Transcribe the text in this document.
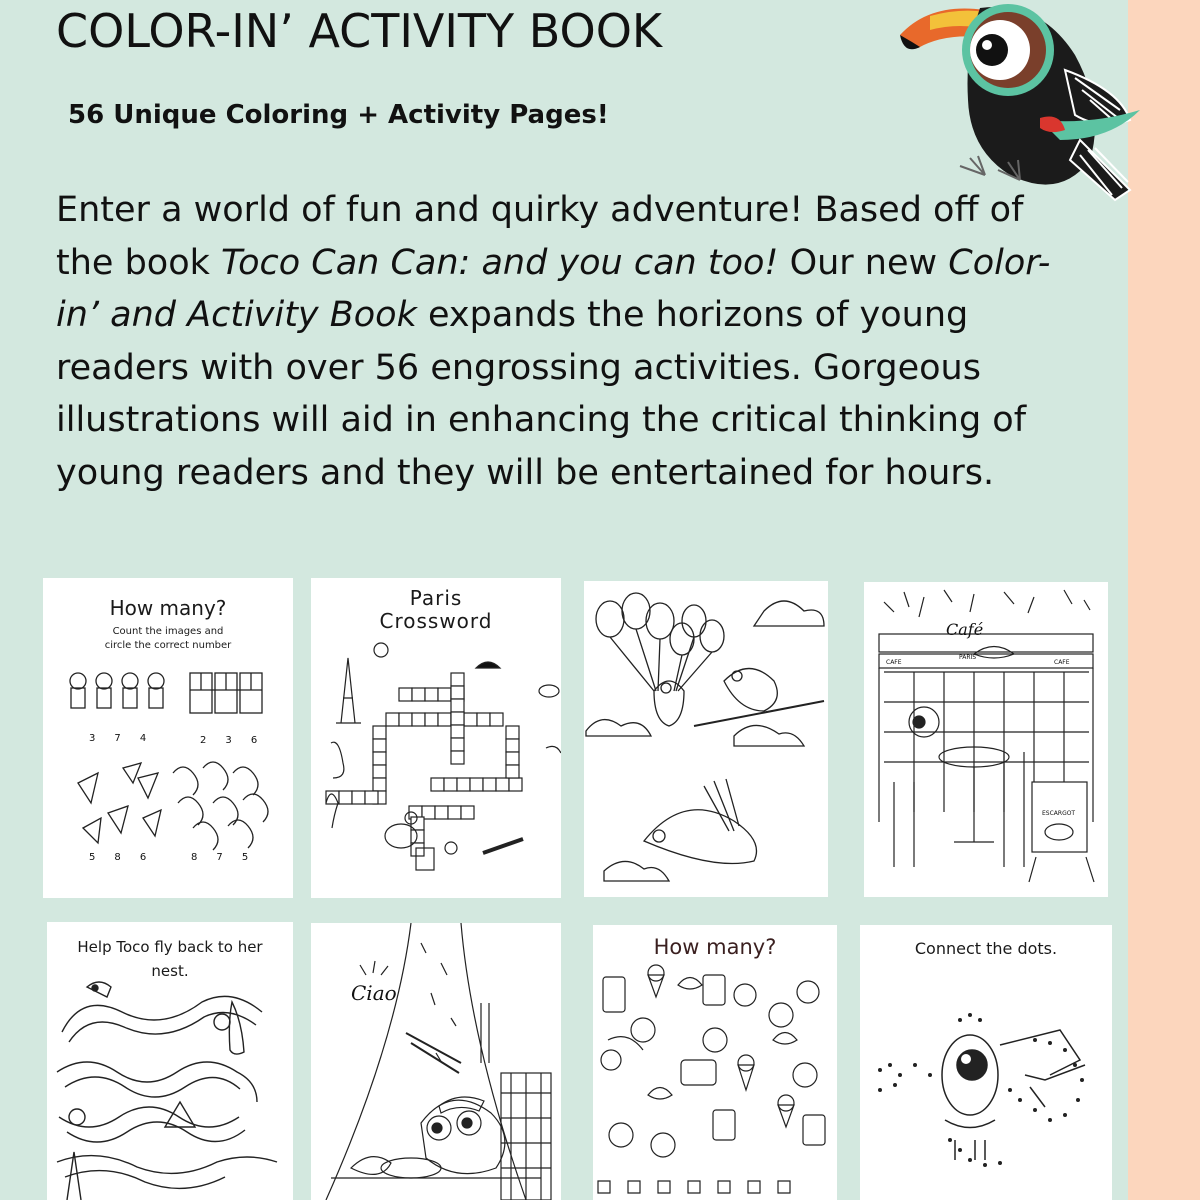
COLOR-IN’ ACTIVITY BOOK
56 Unique Coloring + Activity Pages!

Enter a world of fun and quirky adventure! Based off of the book Toco Can Can: and you can too! Our new Color-in’ and Activity Book expands the horizons of young readers with over 56 engrossing activities. Gorgeous illustrations will aid in enhancing the critical thinking of young readers and they will be entertained for hours.

How many?
Count the images and
circle the correct number
3      7      4	2      3      6
5      8      6	8      7      5
Paris
Crossword	Café
PARIS
CAFE	CAFE
ESCARGOT
Help Toco fly back to her
nest.
Ciao
How many?	Connect the dots.
